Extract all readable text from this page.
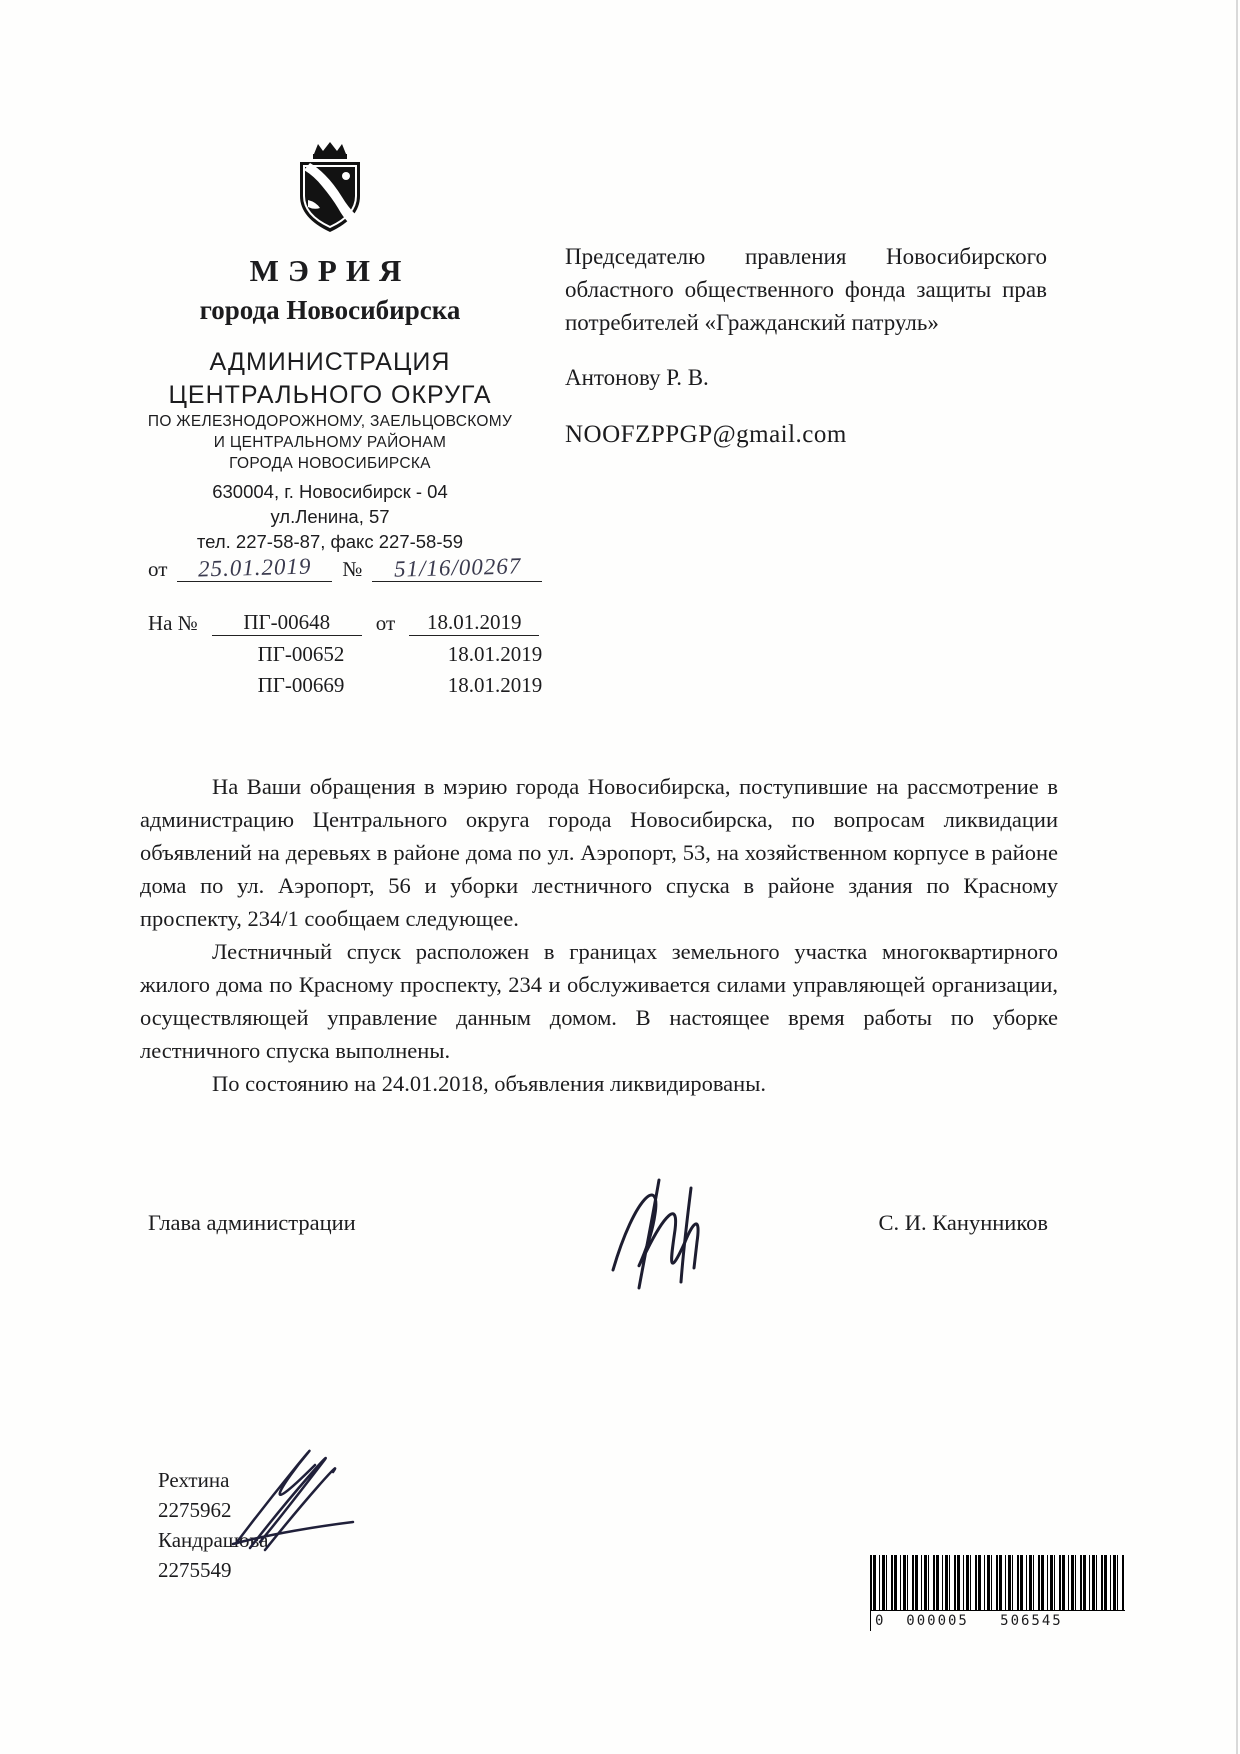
МЭРИЯ
города Новосибирска
АДМИНИСТРАЦИЯ
ЦЕНТРАЛЬНОГО ОКРУГА
ПО ЖЕЛЕЗНОДОРОЖНОМУ, ЗАЕЛЬЦОВСКОМУ
И ЦЕНТРАЛЬНОМУ РАЙОНАМ
ГОРОДА НОВОСИБИРСКА
630004, г. Новосибирск - 04
ул.Ленина, 57
тел. 227-58-87, факс 227-58-59
от	25.01.2019	№	51/16/00267
На №	ПГ-00648	от	18.01.2019
ПГ-00652	18.01.2019
ПГ-00669	18.01.2019
Председателю правления Новосибирского областного общественного фонда защиты прав потребителей «Гражданский патруль»
Антонову Р. В.
NOOFZPPGP@gmail.com

На Ваши обращения в мэрию города Новосибирска, поступившие на рассмотрение в администрацию Центрального округа города Новосибирска, по вопросам ликвидации объявлений на деревьях в районе дома по ул. Аэропорт, 53, на хозяйственном корпусе в районе дома по ул. Аэропорт, 56 и уборки лестничного спуска в районе здания по Красному проспекту, 234/1 сообщаем следующее.

Лестничный спуск расположен в границах земельного участка многоквартирного жилого дома по Красному проспекту, 234 и обслуживается силами управляющей организации, осуществляющей управление данным домом. В настоящее время работы по уборке лестничного спуска выполнены.

По состоянию на 24.01.2018, объявления ликвидированы.

Глава администрации	С. И. Канунников
Рехтина
2275962
Кандрашова
2275549
0  000005   506545
